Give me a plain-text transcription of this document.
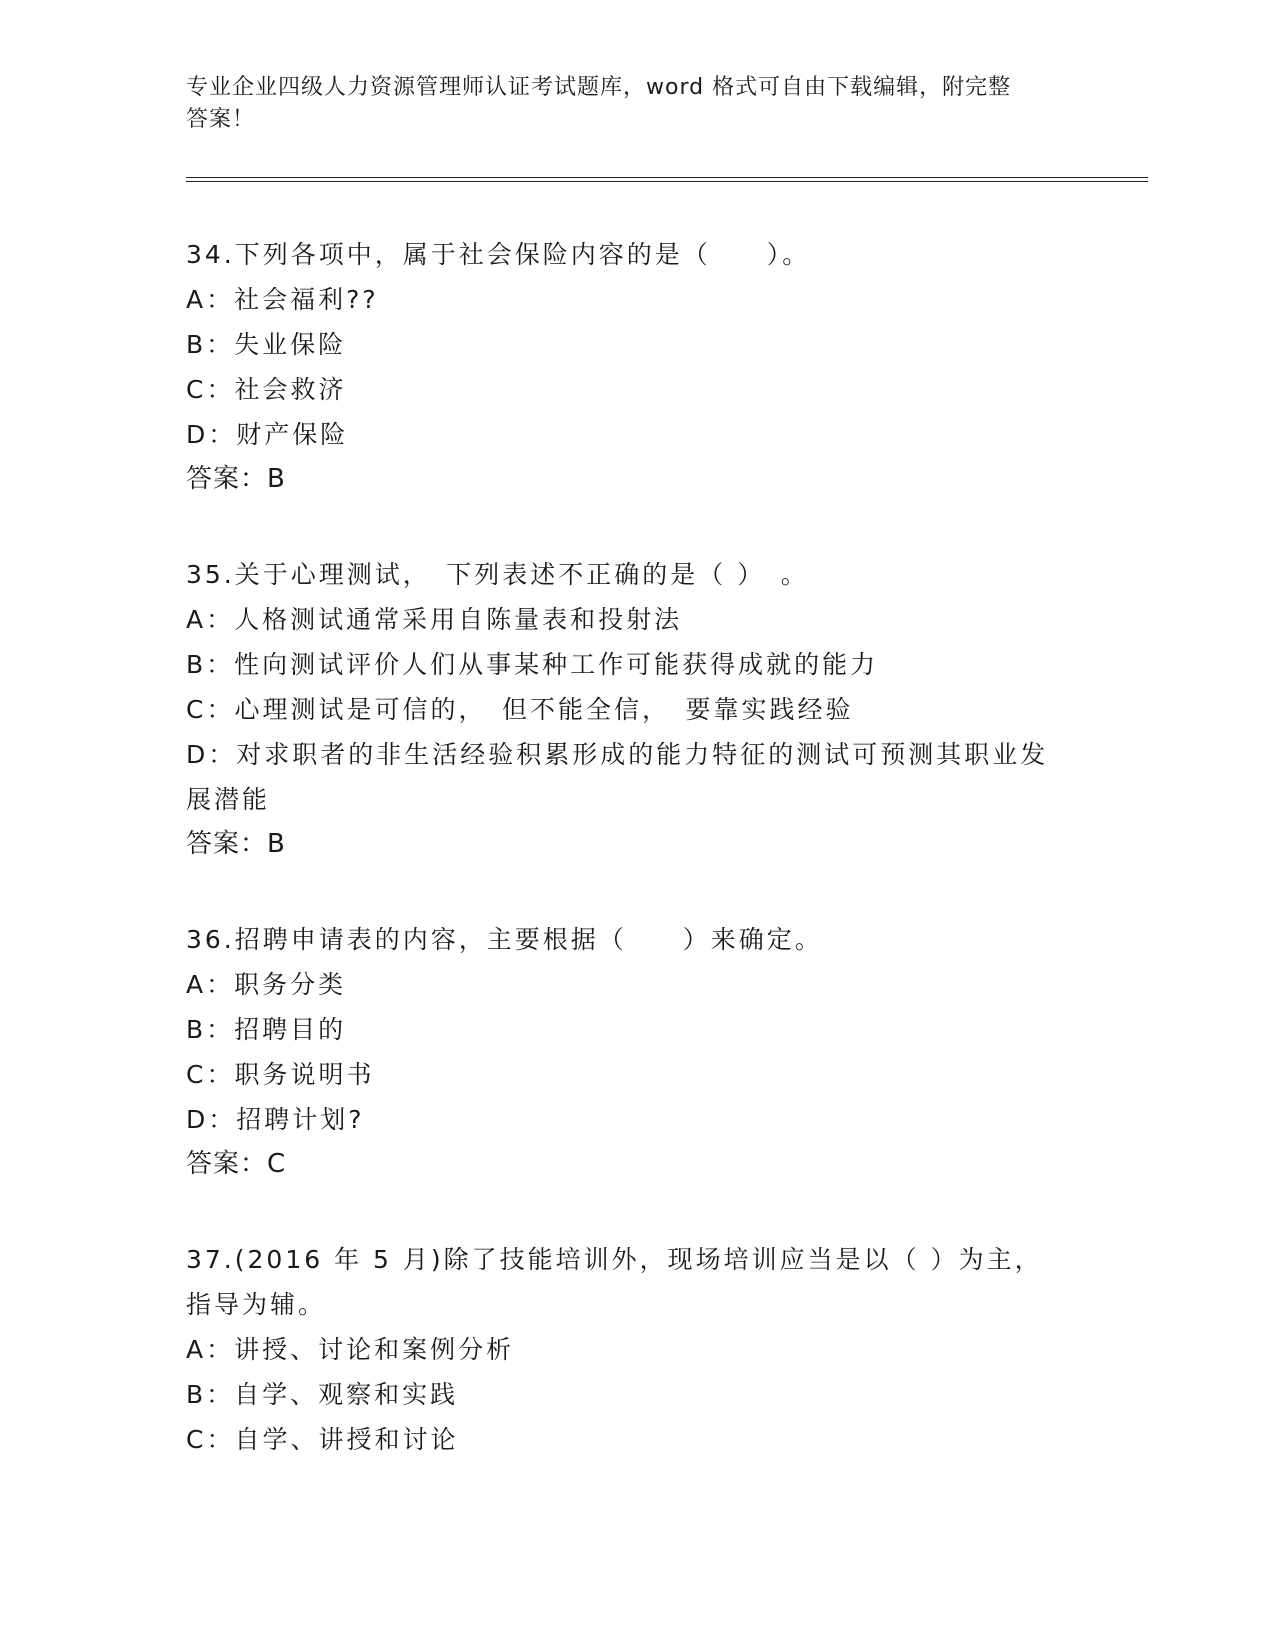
专业企业四级人力资源管理师认证考试题库，word 格式可自由下载编辑，附完整
答案！
34.下列各项中，属于社会保险内容的是（　　）。
A：社会福利??
B：失业保险
C：社会救济
D：财产保险
答案：B
35.关于心理测试，　下列表述不正确的是（ ）　。
A：人格测试通常采用自陈量表和投射法
B：性向测试评价人们从事某种工作可能获得成就的能力
C：心理测试是可信的，　但不能全信，　要靠实践经验
D：对求职者的非生活经验积累形成的能力特征的测试可预测其职业发展潜能
答案：B
36.招聘申请表的内容，主要根据（　　）来确定。
A：职务分类
B：招聘目的
C：职务说明书
D：招聘计划?
答案：C
37.(2016 年 5 月)除了技能培训外，现场培训应当是以（ ）为主，指导为辅。
A：讲授、讨论和案例分析
B：自学、观察和实践
C：自学、讲授和讨论
